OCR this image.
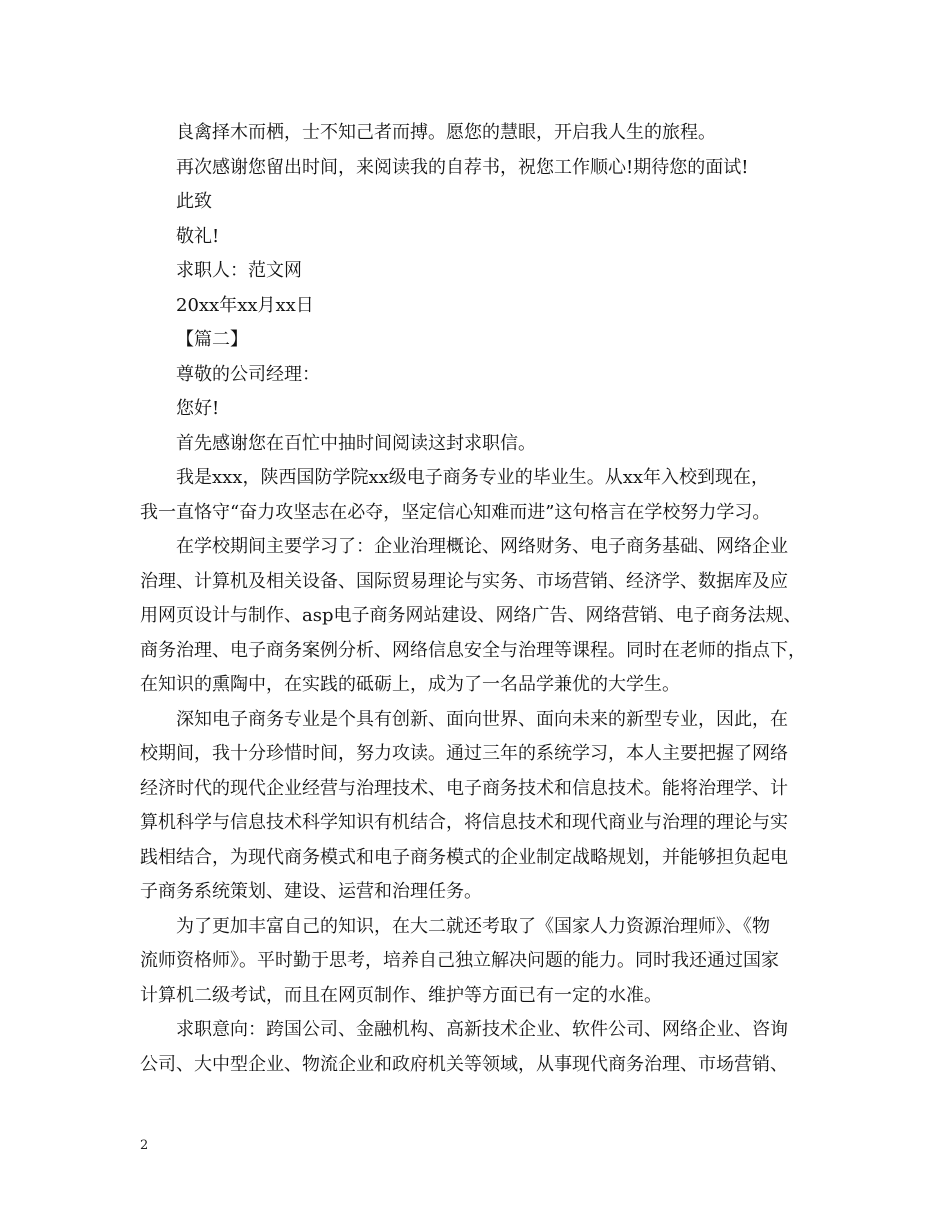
良禽择木而栖，士不知己者而搏。愿您的慧眼，开启我人生的旅程。

再次感谢您留出时间，来阅读我的自荐书，祝您工作顺心!期待您的面试!

此致

敬礼!

求职人：范文网

20xx年xx月xx日

【篇二】

尊敬的公司经理：

您好!

首先感谢您在百忙中抽时间阅读这封求职信。

我是xxx，陕西国防学院xx级电子商务专业的毕业生。从xx年入校到现在，

我一直恪守“奋力攻坚志在必夺，坚定信心知难而进”这句格言在学校努力学习。

在学校期间主要学习了：企业治理概论、网络财务、电子商务基础、网络企业

治理、计算机及相关设备、国际贸易理论与实务、市场营销、经济学、数据库及应

用网页设计与制作、asp电子商务网站建设、网络广告、网络营销、电子商务法规、

商务治理、电子商务案例分析、网络信息安全与治理等课程。同时在老师的指点下，

在知识的熏陶中，在实践的砥砺上，成为了一名品学兼优的大学生。

深知电子商务专业是个具有创新、面向世界、面向未来的新型专业，因此，在

校期间，我十分珍惜时间，努力攻读。通过三年的系统学习，本人主要把握了网络

经济时代的现代企业经营与治理技术、电子商务技术和信息技术。能将治理学、计

算机科学与信息技术科学知识有机结合，将信息技术和现代商业与治理的理论与实

践相结合，为现代商务模式和电子商务模式的企业制定战略规划，并能够担负起电

子商务系统策划、建设、运营和治理任务。

为了更加丰富自己的知识，在大二就还考取了《国家人力资源治理师》、《物

流师资格师》。平时勤于思考，培养自己独立解决问题的能力。同时我还通过国家

计算机二级考试，而且在网页制作、维护等方面已有一定的水准。

求职意向：跨国公司、金融机构、高新技术企业、软件公司、网络企业、咨询

公司、大中型企业、物流企业和政府机关等领域，从事现代商务治理、市场营销、

2
